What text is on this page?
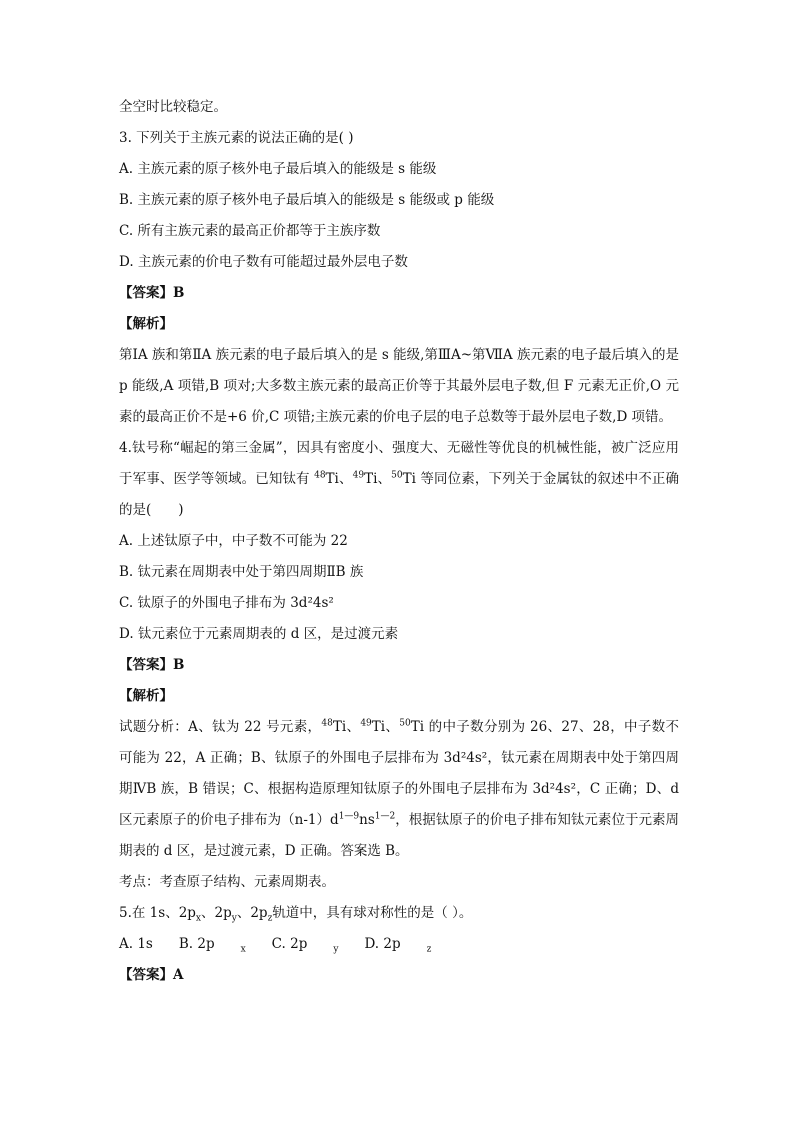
全空时比较稳定。

3. 下列关于主族元素的说法正确的是( )

A. 主族元素的原子核外电子最后填入的能级是 s 能级

B. 主族元素的原子核外电子最后填入的能级是 s 能级或 p 能级

C. 所有主族元素的最高正价都等于主族序数

D. 主族元素的价电子数有可能超过最外层电子数

【答案】B

【解析】

第ⅠA 族和第ⅡA 族元素的电子最后填入的是 s 能级,第ⅢA~第ⅦA 族元素的电子最后填入的是 p 能级,A 项错,B 项对;大多数主族元素的最高正价等于其最外层电子数,但 F 元素无正价,O 元素的最高正价不是+6 价,C 项错;主族元素的价电子层的电子总数等于最外层电子数,D 项错。

4.钛号称“崛起的第三金属”，因具有密度小、强度大、无磁性等优良的机械性能，被广泛应用于军事、医学等领域。已知钛有 $^{48}$Ti、$^{49}$Ti、$^{50}$Ti 等同位素，下列关于金属钛的叙述中不正确的是(　　)

A. 上述钛原子中，中子数不可能为 22

B. 钛元素在周期表中处于第四周期ⅡB 族

C. 钛原子的外围电子排布为 3d²4s²

D. 钛元素位于元素周期表的 d 区，是过渡元素

【答案】B

【解析】

试题分析：A、钛为 22 号元素，$^{48}$Ti、$^{49}$Ti、$^{50}$Ti 的中子数分别为 26、27、28，中子数不可能为 22，A 正确；B、钛原子的外围电子层排布为 3d²4s²，钛元素在周期表中处于第四周期ⅣB 族，B 错误；C、根据构造原理知钛原子的外围电子层排布为 3d²4s²，C 正确；D、d 区元素原子的价电子排布为$(n-1)d^{1—9}ns^{1—2}$，根据钛原子的价电子排布知钛元素位于元素周期表的 d 区，是过渡元素，D 正确。答案选 B。

考点：考查原子结构、元素周期表。

5.在 1s、$2p_x$、$2p_y$、$2p_z$轨道中，具有球对称性的是（ ）。

A. 1s B. 2p	$_x$ C. 2p	$_y$ D. 2p	$_z$

【答案】A
